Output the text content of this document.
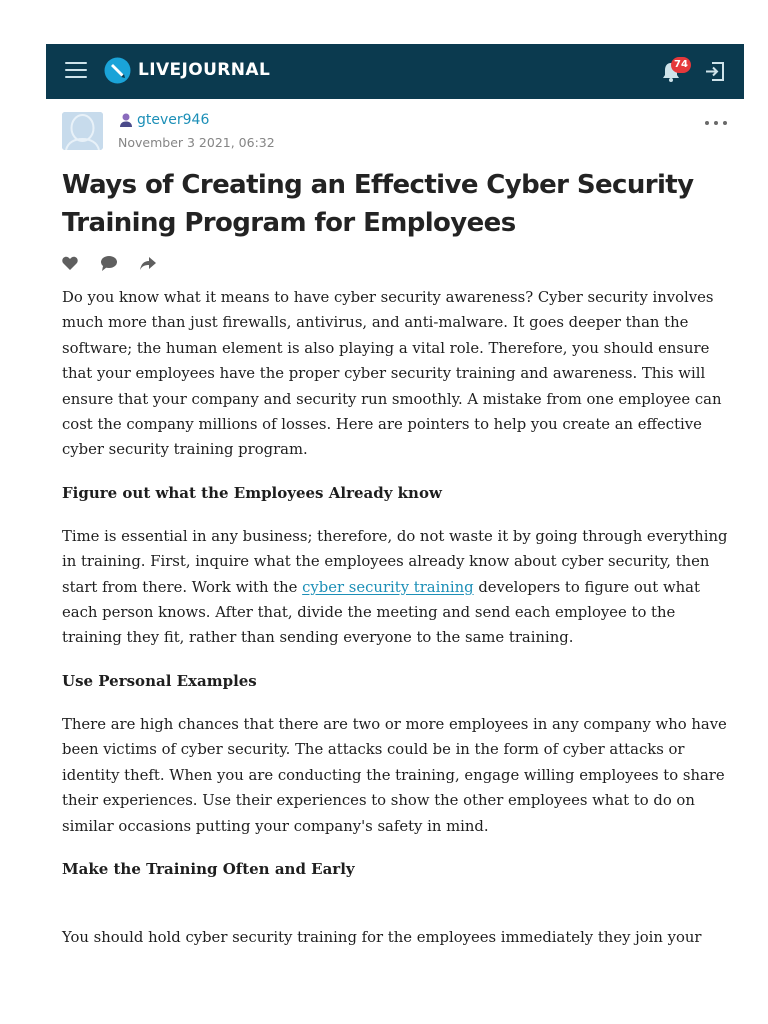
LIVEJOURNAL	74
gtever946
November 3 2021, 06:32
Ways of Creating an Effective Cyber Security Training Program for Employees

Do you know what it means to have cyber security awareness? Cyber security involves much more than just firewalls, antivirus, and anti-malware. It goes deeper than the software; the human element is also playing a vital role. Therefore, you should ensure that your employees have the proper cyber security training and awareness. This will ensure that your company and security run smoothly. A mistake from one employee can cost the company millions of losses. Here are pointers to help you create an effective cyber security training program.

Figure out what the Employees Already know

Time is essential in any business; therefore, do not waste it by going through everything in training. First, inquire what the employees already know about cyber security, then start from there. Work with the cyber security training developers to figure out what each person knows. After that, divide the meeting and send each employee to the training they fit, rather than sending everyone to the same training.

Use Personal Examples

There are high chances that there are two or more employees in any company who have been victims of cyber security. The attacks could be in the form of cyber attacks or identity theft. When you are conducting the training, engage willing employees to share their experiences. Use their experiences to show the other employees what to do on similar occasions putting your company's safety in mind.

Make the Training Often and Early

You should hold cyber security training for the employees immediately they join your
